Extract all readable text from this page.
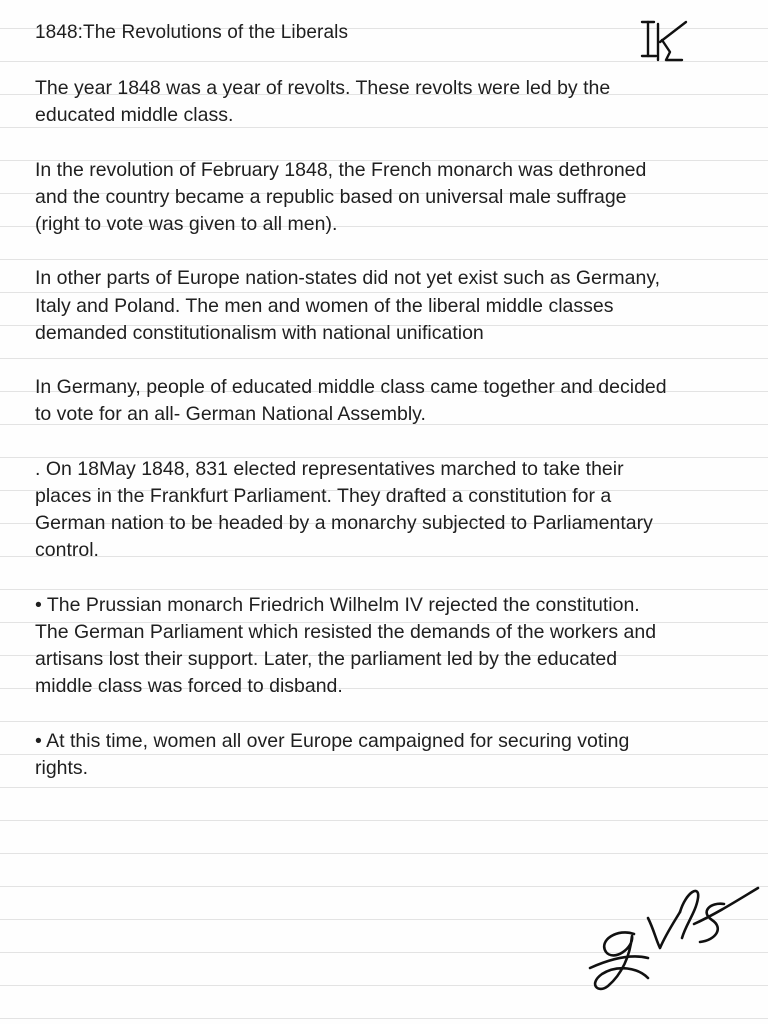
1848:The Revolutions of the Liberals

The year 1848 was a year of revolts. These revolts were led by the
educated middle class.

In the revolution of February 1848, the French monarch was dethroned
and the country became a republic based on universal male suffrage
(right to vote was given to all men).

In other parts of Europe nation-states did not yet exist such as Germany,
Italy and Poland. The men and women of the liberal middle classes
demanded constitutionalism with national unification

In Germany, people of educated middle class came together and decided
to vote for an all- German National Assembly.

. On 18May 1848, 831 elected representatives marched to take their
places in the Frankfurt Parliament. They drafted a constitution for a
German nation to be headed by a monarchy subjected to Parliamentary
control.

• The Prussian monarch Friedrich Wilhelm IV rejected the constitution.
The German Parliament which resisted the demands of the workers and
artisans lost their support. Later, the parliament led by the educated
middle class was forced to disband.

• At this time, women all over Europe campaigned for securing voting
rights.
